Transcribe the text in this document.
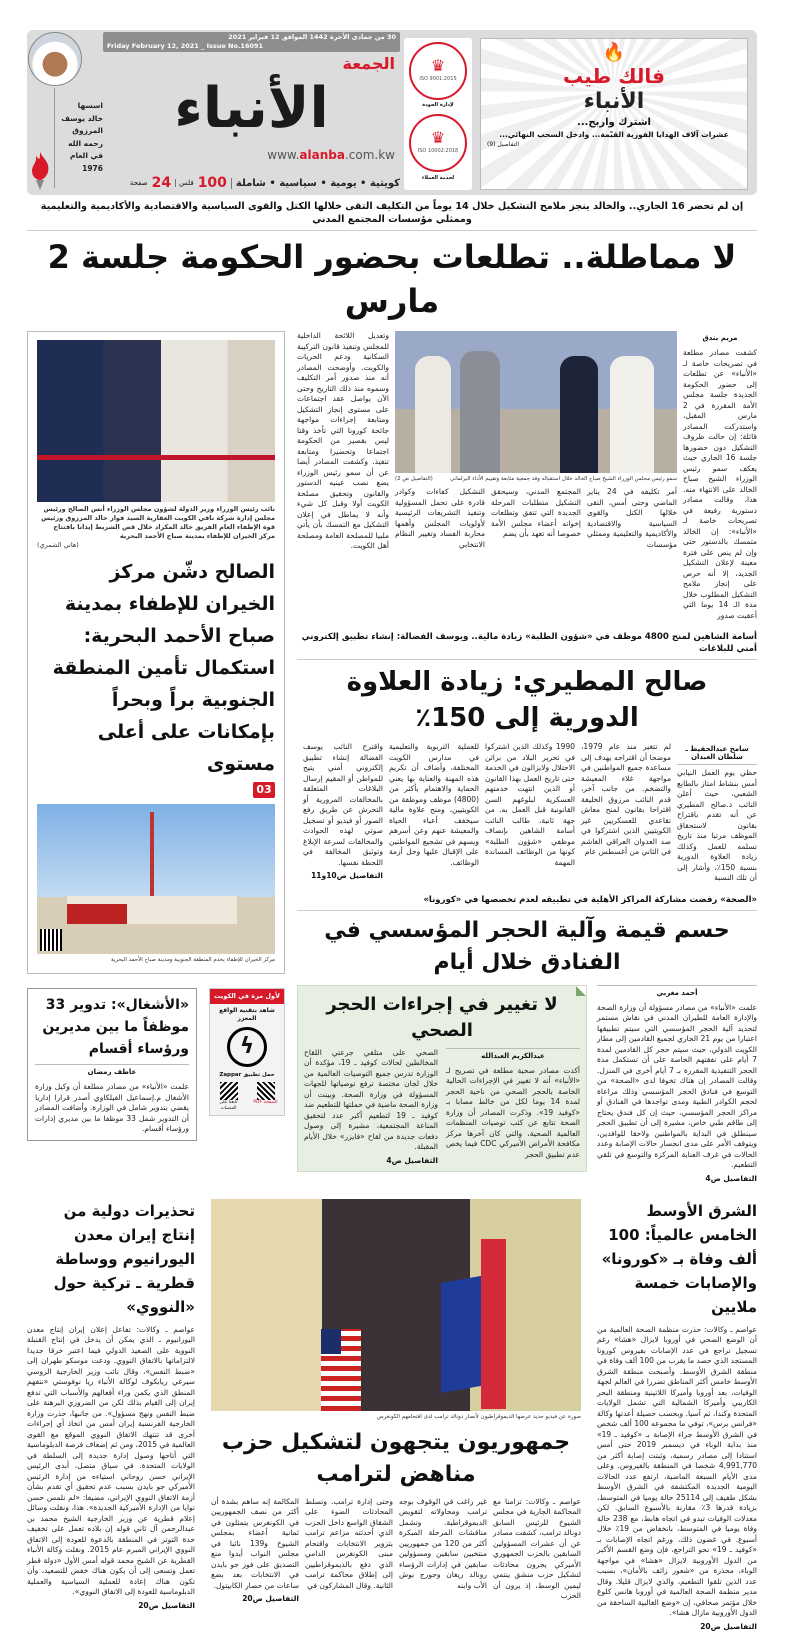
30 من جمادى الأخرة 1442 الموافق 12 فبراير 2021
Friday February 12, 2021 _ Issue No.16091
اسسها
خالد يوسف
المرزوق
رحمه الله
في العام
1976
الجمعة
الأنباء
www.alanba.com.kw
كويتية • يومية • سياسية • شاملة
100
فلس
24
صفحة
♛
ISO 9001:2015
لإدارة الجودة
♛
ISO 10002:2018
لخدمة العملاء
🔥
فالك طيب
الأنباء
اشترك واربح...
عشرات آلاف الهدايا الفورية القيّمة... وادخل السحب النهائي...
التفاصيل (9)
إن لم تحضر 16 الجاري.. والخالد ينجز ملامح التشكيل خلال 14 يوماً من التكليف التقى خلالها الكتل والقوى السياسية والاقتصادية والأكاديمية والتعليمية وممثلي مؤسسات المجتمع المدني
لا مماطلة.. تطلعات بحضور الحكومة جلسة 2 مارس
مريم بندق
كشفت مصادر مطلعة في تصريحات خاصة لـ «الأنباء» عن تطلعات إلى حضور الحكومة الجديدة جلسة مجلس الأمة المقررة في 2 مارس المقبل، واستدركت المصادر قائلة: إن حالت ظروف التشكيل دون حضورها جلسة 16 الجاري حيث يعكف سمو رئيس الوزراء الشيخ صباح الخالد على الانتهاء منه. هذا، وقالت مصادر دستورية رفيعة في تصريحات خاصة لـ «الأنباء»: إن الخالد متمسك بالدستور حتى وإن لم ينص على فترة معينة لإعلان التشكيل الجديد، إلا أنه حرص على إنجاز ملامح التشكيل المطلوب خلال مدة الـ 14 يوما التي أعقبت صدور
سمو رئيس مجلس الوزراء الشيخ صباح الخالد خلال استقباله وفد جمعية متابعة وتقييم الأداء البرلماني
(التفاصيل ص 2)
أمر تكليفه في 24 يناير الماضي وحتى أمس، التقى خلالها الكتل والقوى السياسية والاقتصادية والأكاديمية والتعليمية وممثلي مؤسسات
المجتمع المدني، وسيحقق التشكيل متطلبات المرحلة الجديدة التي تتفق وتطلعات إخوانه أعضاء مجلس الأمة خصوصا أنه تعهد بأن يضم
التشكيل كفاءات وكوادر قادرة على تحمل المسؤولية وتنفيذ التشريعات الرئيسية لأولويات المجلس وأهمها محاربة الفساد وتغيير النظام الانتخابي
وتعديل اللائحة الداخلية للمجلس وتنفيذ قانون التركيبة السكانية ودعم الحريات والكويت. وأوضحت المصادر أنه منذ صدور أمر التكليف وسموه منذ ذلك التاريخ وحتى الآن يواصل عقد اجتماعات على مستوى إنجاز التشكيل ومتابعة إجراءات مواجهة جائحة كورونا التي تأخذ وقتا ليس بقصير من الحكومة اجتماعا وتحضيرا ومتابعة تنفيذ. وكشفت المصادر أيضا عن أن سمو رئيس الوزراء يضع نصب عينيه الدستور والقانون وتحقيق مصلحة الكويت أولا وقبل كل شيء وأنه لا يماطل في إعلان التشكيل مع التمسك بأن يأتي ملبيا للمصلحة العامة ومصلحة أهل الكويت.
أسامة الشاهين لمنح 4800 موظف في «شؤون الطلبة» زيادة مالية.. ويوسف الفضالة: إنشاء تطبيق إلكتروني أمني للبلاغات
صالح المطيري: زيادة العلاوة الدورية إلى 150٪
سامح عبدالحفيظ ـ سلطان العبدان
حظي يوم العمل النيابي أمس بنشاط امتاز بالطابع الشعبي، حيث أعلن النائب د.صالح المطيري عن أنه تقدم باقتراح بقانون لاستحقاق الموظف مرتبا منذ تاريخ تسلمه للعمل وكذلك زيادة العلاوة الدورية بنسبة 150٪، وأشار إلى أن تلك النسبة
لم تتغير منذ عام 1979، موضحا أن اقتراحه يهدف إلى مساعدة جميع المواطنين في مواجهة غلاء المعيشة والتضخم. من جانب آخر، قدم النائب مرزوق الخليفة اقتراحا بقانون لمنح معاش تقاعدي للعسكريين غير الكويتيين الذين اشتركوا في صد العدوان العراقي الغاشم في الثاني من أغسطس عام
1990 وكذلك الذين اشتركوا في تحرير البلاد من براثن الاحتلال ولايزالون في الخدمة حتى تاريخ العمل بهذا القانون أو الذين انتهت خدمتهم العسكرية لبلوغهم السن القانونية قبل العمل به. من جهة ثانية، طالب النائب أسامة الشاهين بإنصاف موظفي «شؤون الطلبة» كونها من الوظائف المساندة المهمة
للعملية التربوية والتعليمية في مدارس الكويت المختلفة، وأضاف أن تكريم هذه المهنة والعناية بها يعني الحماية والاهتمام بأكثر من (4800) موظف وموظفة من الكويتيين، ومنح علاوة مالية سيخفف أعباء الحياة والمعيشة عنهم وعن أسرهم ويسهم في تشجيع المواطنين على الإقبال عليها وحل أزمة الوظائف.
واقترح النائب يوسف الفضالة إنشاء تطبيق إلكتروني أمني يتيح للمواطن أو المقيم إرسال البلاغات المتعلقة بالمخالفات المرورية أو التحرش عن طريق رفع الصور أو فيديو أو تسجيل صوتي لهذه الحوادث والمخالفات لسرعة الإبلاغ وتوثيق المخالفة في اللحظة نفسها.
التفاصيل ص10و11
«الصحة» رفضت مشاركة المراكز الأهلية في تطبيقه لعدم تخصصها في «كورونا»
حسم قيمة وآلية الحجر المؤسسي في الفنادق خلال أيام
أحمد مغربي
علمت «الأنباء» من مصادر مسؤولة أن وزارة الصحة والإدارة العامة للطيران المدني في نقاش مستمر لتحديد آلية الحجر المؤسسي التي سيتم تطبيقها اعتبارا من يوم 21 الجاري لجميع القادمين إلى مطار الكويت الدولي، حيث سيتم حجر كل القادمين لمدة 7 أيام على نفقتهم الخاصة على أن تستكمل مدة الحجر التنفيذية المقررة بـ 7 أيام أخرى في المنزل. وقالت المصادر إن هناك تخوفا لدى «الصحة» من التوسع في فنادق الحجر المؤسسي وذلك مراعاة لحجم الكوادر الطبية ومدى تواجدها في الفنادق أو مراكز الحجر المؤسسي، حيث إن كل فندق يحتاج إلى طاقم طبي خاص، مشيرة إلى أن تطبيق الحجر سينطلق في البداية بالمواطنين ولاحقا للوافدين، ويتوقف الأمر على مدى انحسار حالات الإصابة وعدد الحالات في غرف العناية المركزة والتوسع في تلقي التطعيم.
التفاصيل ص4
لا تغيير في إجراءات الحجر الصحي
عبدالكريم العبدالله
أكدت مصادر صحية مطلعة في تصريح لـ «الأنباء» أنه لا تغيير في الإجراءات الحالية الخاصة بالحجر الصحي من ناحية الحجر لمدة 14 يوما لكل من خالط مصابا بـ «كوفيد 19». وذكرت المصادر أن وزارة الصحة تتابع عن كثب توصيات المنظمات العالمية الصحية، والتي كان آخرها مركز مكافحة الأمراض الأميركي CDC فيما يخص عدم تطبيق الحجر
الصحي على متلقي جرعتي اللقاح المخالطين لحالات كوفيد ـ 19، مؤكدة أن الوزارة تدرس جميع التوصيات العالمية من خلال لجان مختصة ترفع توصياتها للجهات المسؤولة في وزارة الصحة. وبينت أن وزارة الصحة ماضية في حملتها للتطعيم ضد كوفيد ـ 19 لتطعيم أكبر عدد لتحقيق المناعة المجتمعية، مشيرة إلى وصول دفعات جديدة من لقاح «فايزر» خلال الأيام المقبلة.
التفاصيل ص4
نائب رئيس الوزراء وزير الدولة لشؤون مجلس الوزراء أنس الصالح ورئيس مجلس إدارة شركة نافي الكويت العقارية السيد فواز خالد المرزوق ورئيس قوة الإطفاء العام الفريق خالد المكراد خلال قص الشريط إيذانا بافتتاح مركز الخيران للإطفاء بمدينة صباح الأحمد البحرية
(هاني الشمري)
الصالح دشّن مركز الخيران للإطفاء بمدينة صباح الأحمد البحرية: استكمال تأمين المنطقة الجنوبية براً وبحراً بإمكانات على أعلى مستوى
03
مركز الخيران للإطفاء يخدم المنطقة الجنوبية ومدينة صباح الأحمد البحرية
لأول مرة في الكويت
شاهد بتقنية الواقع المعزز
ϟ
حمل تطبيق Zappar
الصفحة PDF
تابعنا على المنصات
«الأشغال»: تدوير 33 موظفاً ما بين مديرين ورؤساء أقسام
عاطف رمضان
علمت «الأنباء» من مصادر مطلعة أن وكيل وزارة الأشغال م.إسماعيل الفيلكاوي أصدر قرارا إداريا يقضي بتدوير شامل في الوزارة. وأضافت المصادر أن التدوير شمل 33 موظفا ما بين مديري إدارات ورؤساء أقسام.
الشرق الأوسط الخامس عالمياً: 100 ألف وفاة بـ «كورونا» والإصابات خمسة ملايين
عواصم ـ وكالات: حذرت منظمة الصحة العالمية من أن الوضع الصحي في أوروبا لايزال «هشا» رغم تسجيل تراجع في عدد الإصابات بفيروس كورونا المستجد الذي حصد ما يقرب من 100 ألف وفاة في منطقة الشرق الأوسط. وأصبحت منطقة الشرق الأوسط خامس أكثر المناطق تضررا في العالم لجهة الوفيات، بعد أوروبا وأميركا اللاتينية ومنطقة البحر الكاريبي وأميركا الشمالية التي تشمل الولايات المتحدة وكندا، ثم آسيا. وبحسب حصيلة أعدتها وكالة «فرانس برس»، توفي ما مجموعه 100 ألف شخص في الشرق الأوسط جراء الإصابة بـ «كوفيد ـ 19» منذ بداية الوباء في ديسمبر 2019 حتى أمس استنادا إلى مصادر رسمية، وثبتت إصابة أكثر من 4,991,770 شخصا في المنطقة بالفيروس. وعلى مدى الأيام السبعة الماضية، ارتفع عدد الحالات اليومية الجديدة المكتشفة في الشرق الأوسط بشكل طفيف إلى 25114 حالة يوميا في المتوسط، بزيادة قدرها 3٪ مقارنة بالأسبوع السابق. لكن معدلات الوفيات تبدو في اتجاه هابط، مع 238 حالة وفاة يوميا في المتوسط، بانخفاض من 19٪ خلال أسبوع. في غضون ذلك، ورغم اتجاه الإصابات بـ «كوفيد ـ 19» نحو التراجع، فإن وضع القسم الأكبر من الدول الأوروبية لايزال «هشا» في مواجهة الوباء، محذرة من «شعور زائف بالأمان»، بسبب عدد الذين تلقوا التطعيم، والذي لايزال قليلا. وقال مدير منظمة الصحة العالمية في أوروبا هانس كلوغ خلال مؤتمر صحافي، إن «وضع الغالبية الساحقة من الدول الأوروبية مازال هشا».
التفاصيل ص20
صورة عن فيديو جديد عرضها الديموقراطيون لأنصار دونالد ترامب لدى اقتحامهم الكونغرس
جمهوريون يتجهون لتشكيل حزب مناهض لترامب
عواصم ـ وكالات: تزامنا مع المحاكمة الجارية في مجلس الشيوخ للرئيس السابق دونالد ترامب، كشفت مصادر عن أن عشرات المسؤولين السابقين بالحزب الجمهوري الأميركي يجرون محادثات لتشكيل حزب منشق ينتمي ليمين الوسط، إذ يرون أن الحزب
غير راغب في الوقوف بوجه ترامب ومحاولاته لتقويض الديموقراطية. وتشمل مناقشات المرحلة المبكرة أكثر من 120 من جمهوريين منتخبين سابقين ومسؤولين سابقين في إدارات الرؤساء رونالد ريغان وجورج بوش الأب وابنه
وحتى إدارة ترامب. وتسلط المحادثات الضوء على الشقاق الواسع داخل الحزب الذي أحدثته مزاعم ترامب بتزوير الانتخابات واقتحام مبنى الكونغرس الدامي الذي دفع بالديموقراطيين إلى إطلاق محاكمة ترامب الثانية. وقال المشاركون في
المكالمة إنه ساهم بشدة أن أكثر من نصف الجمهوريين في الكونغرس يتمثلون في ثمانية أعضاء بمجلس الشيوخ و139 نائبا في مجلس النواب أيدوا منع التصديق على فوز جو بايدن في الانتخابات بعد بضع ساعات من حصار الكابيتول.
التفاصيل ص20
تحذيرات دولية من إنتاج إيران معدن اليورانيوم ووساطة قطرية ـ تركية حول «النووي»
عواصم ـ وكالات: تفاعل إعلان إيران إنتاج معدن اليورانيوم ـ الذي يمكن أن يدخل في إنتاج القنبلة النووية على الصعيد الدولي فيما اعتبر خرقا جديدا لالتزاماتها بالاتفاق النووي. ودعت موسكو طهران إلى «ضبط النفس»، وقال نائب وزير الخارجية الروسي سيرغي ريابكوف لوكالة الأنباء ريا نوفوستي «نتفهم المنطق الذي يكمن وراء أفعالهم والأسباب التي تدفع إيران إلى القيام بذلك لكن من الضروري البرهنة على ضبط النفس ونهج مسؤول». من جانبها، حذرت وزارة الخارجية الفرنسية إيران أمس من اتخاذ أي إجراءات أخرى قد تنتهك الاتفاق النووي الموقع مع القوى العالمية في 2015، ومن ثم إضعاف فرصة الدبلوماسية التي أتاحها وصول إدارة جديدة إلى السلطة في الولايات المتحدة. في سياق متصل، أبدى الرئيس الإيراني حسن روحاني استياءه من إدارة الرئيس الأميركي جو بايدن بسبب عدم تحقيق أي تقدم بشأن أزمة الاتفاق النووي الإيراني، مضيفا: «لم نلمس حسن نوايا من الإدارة الأميركية الجديدة». هذا، ونقلت وسائل إعلام قطرية عن وزير الخارجية الشيخ محمد بن عبدالرحمن آل ثاني قوله إن بلاده تعمل على تخفيف حدة التوتر في المنطقة بالدعوة للعودة إلى الاتفاق النووي الإيراني المبرم عام 2015. ونقلت وكالة الأنباء القطرية عن الشيخ محمد قوله أمس الأول «دولة قطر تعمل وتسعى إلى أن يكون هناك خفض للتصعيد، وأن تكون هناك إعادة للعملية السياسية والعملية الدبلوماسية للعودة إلى الاتفاق النووي».
التفاصيل ص20
